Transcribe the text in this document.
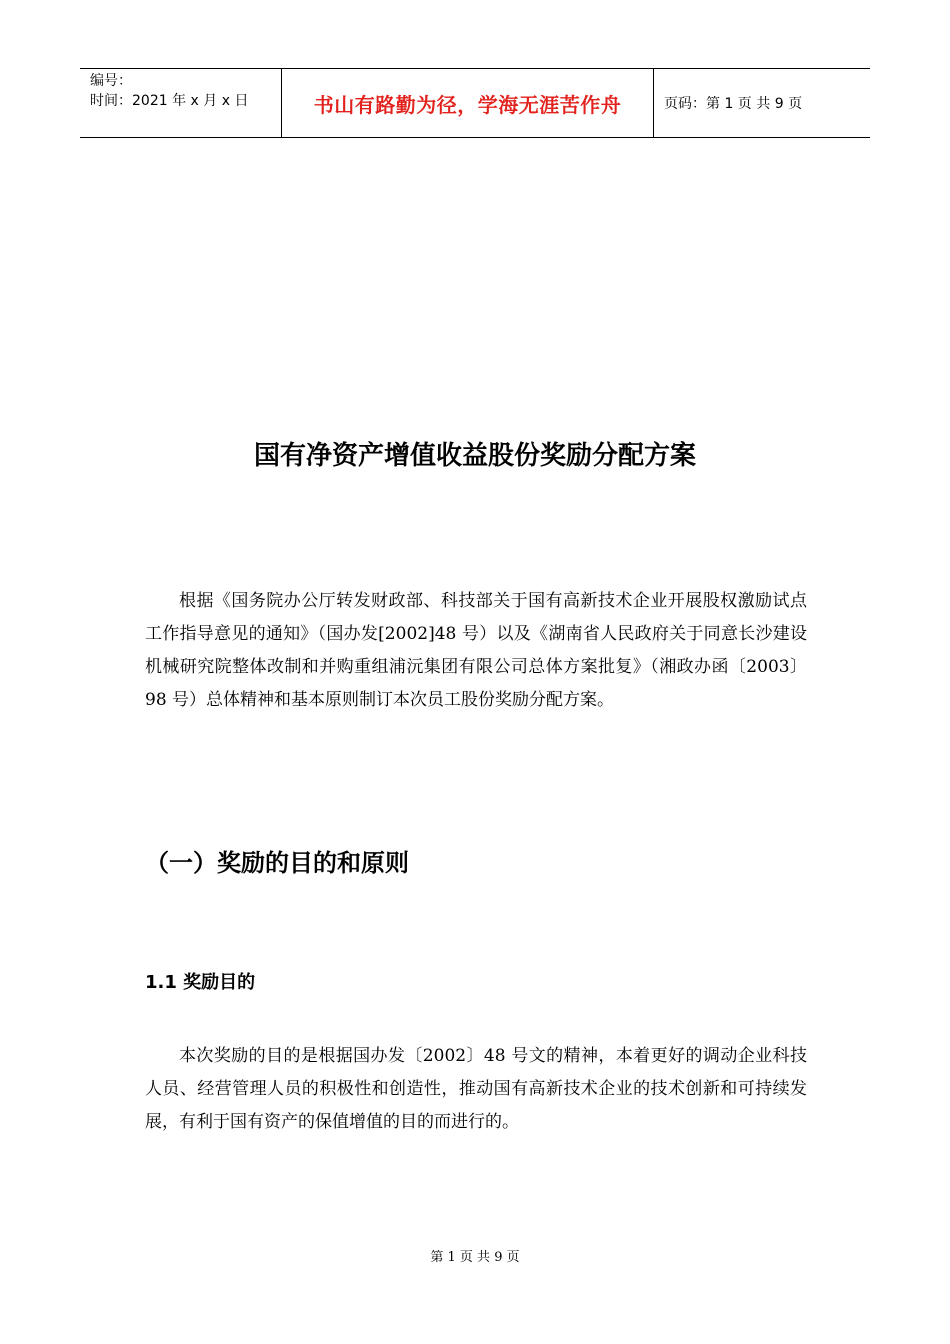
编号：
时间：2021 年 x 月 x 日	书山有路勤为径，学海无涯苦作舟	页码：第 1 页 共 9 页
国有净资产增值收益股份奖励分配方案
根据《国务院办公厅转发财政部、科技部关于国有高新技术企业开展股权激励试点工作指导意见的通知》（国办发[2002]48 号）以及《湖南省人民政府关于同意长沙建设机械研究院整体改制和并购重组浦沅集团有限公司总体方案批复》（湘政办函〔2003〕98 号）总体精神和基本原则制订本次员工股份奖励分配方案。
（一）奖励的目的和原则
1.1 奖励目的
本次奖励的目的是根据国办发〔2002〕48 号文的精神，本着更好的调动企业科技人员、经营管理人员的积极性和创造性，推动国有高新技术企业的技术创新和可持续发展，有利于国有资产的保值增值的目的而进行的。
第 1 页 共 9 页
